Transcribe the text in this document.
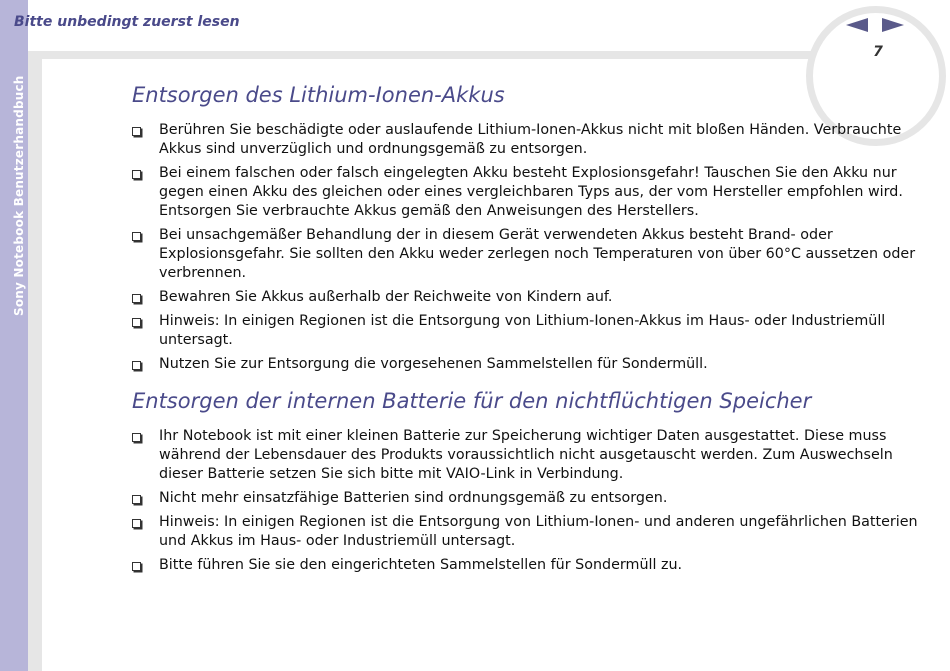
Sony Notebook Benutzerhandbuch
Bitte unbedingt zuerst lesen
7
Entsorgen des Lithium-Ionen-Akkus
Berühren Sie beschädigte oder auslaufende Lithium-Ionen-Akkus nicht mit bloßen Händen. Verbrauchte Akkus sind unverzüglich und ordnungsgemäß zu entsorgen.
Bei einem falschen oder falsch eingelegten Akku besteht Explosionsgefahr! Tauschen Sie den Akku nur gegen einen Akku des gleichen oder eines vergleichbaren Typs aus, der vom Hersteller empfohlen wird. Entsorgen Sie verbrauchte Akkus gemäß den Anweisungen des Herstellers.
Bei unsachgemäßer Behandlung der in diesem Gerät verwendeten Akkus besteht Brand- oder Explosionsgefahr. Sie sollten den Akku weder zerlegen noch Temperaturen von über 60°C aussetzen oder verbrennen.
Bewahren Sie Akkus außerhalb der Reichweite von Kindern auf.
Hinweis: In einigen Regionen ist die Entsorgung von Lithium-Ionen-Akkus im Haus- oder Industriemüll untersagt.
Nutzen Sie zur Entsorgung die vorgesehenen Sammelstellen für Sondermüll.
Entsorgen der internen Batterie für den nichtflüchtigen Speicher
Ihr Notebook ist mit einer kleinen Batterie zur Speicherung wichtiger Daten ausgestattet. Diese muss während der Lebensdauer des Produkts voraussichtlich nicht ausgetauscht werden. Zum Auswechseln dieser Batterie setzen Sie sich bitte mit VAIO-Link in Verbindung.
Nicht mehr einsatzfähige Batterien sind ordnungsgemäß zu entsorgen.
Hinweis: In einigen Regionen ist die Entsorgung von Lithium-Ionen- und anderen ungefährlichen Batterien und Akkus im Haus- oder Industriemüll untersagt.
Bitte führen Sie sie den eingerichteten Sammelstellen für Sondermüll zu.
